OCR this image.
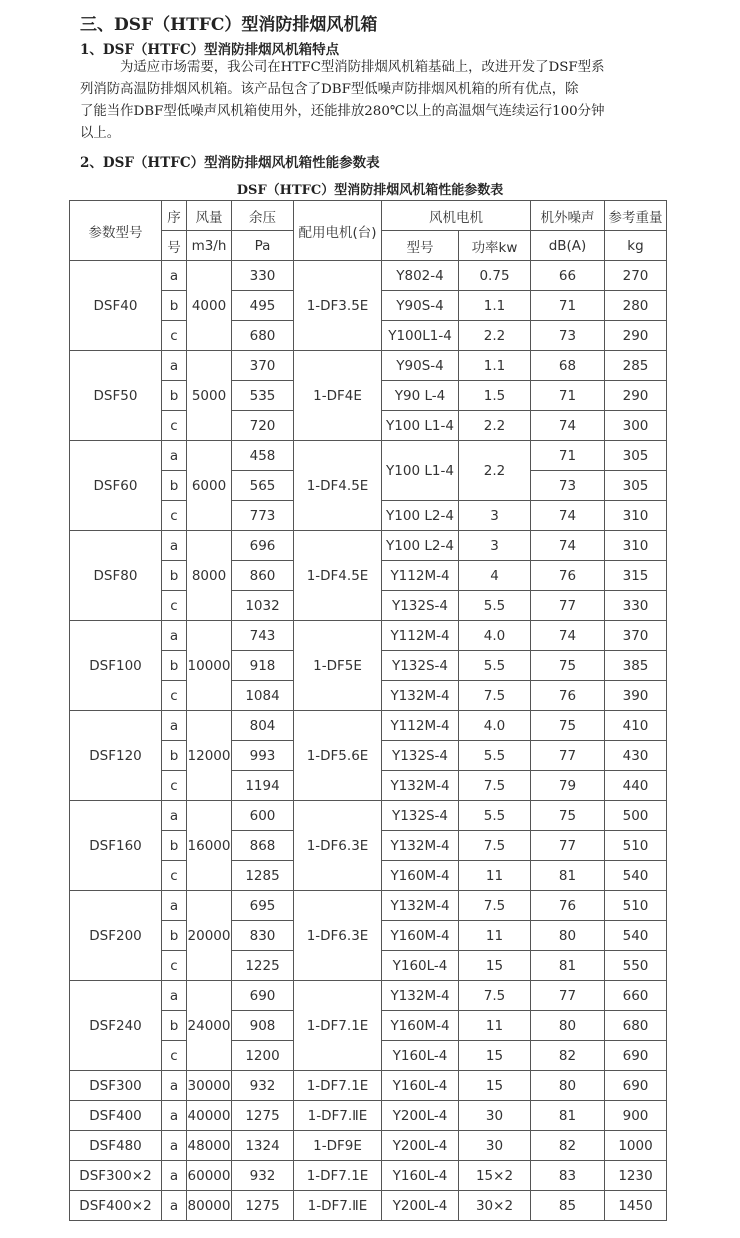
三、DSF（HTFC）型消防排烟风机箱
1、DSF（HTFC）型消防排烟风机箱特点
为适应市场需要，我公司在HTFC型消防排烟风机箱基础上，改进开发了DSF型系
列消防高温防排烟风机箱。该产品包含了DBF型低噪声防排烟风机箱的所有优点，除
了能当作DBF型低噪声风机箱使用外，还能排放280℃以上的高温烟气连续运行100分钟
以上。
2、DSF（HTFC）型消防排烟风机箱性能参数表
DSF（HTFC）型消防排烟风机箱性能参数表
参数型号	序	风量	余压	配用电机(台)	风机电机		机外噪声	参考重量
	号	m3/h	Pa		型号	功率kw	dB(A)	kg
DSF40	a	4000	330	1-DF3.5E	Y802-4	0.75	66	270
	b		495		Y90S-4	1.1	71	280
	c		680		Y100L1-4	2.2	73	290
DSF50	a	5000	370	1-DF4E	Y90S-4	1.1	68	285
	b		535		Y90 L-4	1.5	71	290
	c		720		Y100 L1-4	2.2	74	300
DSF60	a	6000	458	1-DF4.5E	Y100 L1-4	2.2	71	305
	b		565				73	305
	c		773		Y100 L2-4	3	74	310
DSF80	a	8000	696	1-DF4.5E	Y100 L2-4	3	74	310
	b		860		Y112M-4	4	76	315
	c		1032		Y132S-4	5.5	77	330
DSF100	a	10000	743	1-DF5E	Y112M-4	4.0	74	370
	b		918		Y132S-4	5.5	75	385
	c		1084		Y132M-4	7.5	76	390
DSF120	a	12000	804	1-DF5.6E	Y112M-4	4.0	75	410
	b		993		Y132S-4	5.5	77	430
	c		1194		Y132M-4	7.5	79	440
DSF160	a	16000	600	1-DF6.3E	Y132S-4	5.5	75	500
	b		868		Y132M-4	7.5	77	510
	c		1285		Y160M-4	11	81	540
DSF200	a	20000	695	1-DF6.3E	Y132M-4	7.5	76	510
	b		830		Y160M-4	11	80	540
	c		1225		Y160L-4	15	81	550
DSF240	a	24000	690	1-DF7.1E	Y132M-4	7.5	77	660
	b		908		Y160M-4	11	80	680
	c		1200		Y160L-4	15	82	690
DSF300	a	30000	932	1-DF7.1E	Y160L-4	15	80	690
DSF400	a	40000	1275	1-DF7.ⅡE	Y200L-4	30	81	900
DSF480	a	48000	1324	1-DF9E	Y200L-4	30	82	1000
DSF300×2	a	60000	932	1-DF7.1E	Y160L-4	15×2	83	1230
DSF400×2	a	80000	1275	1-DF7.ⅡE	Y200L-4	30×2	85	1450
